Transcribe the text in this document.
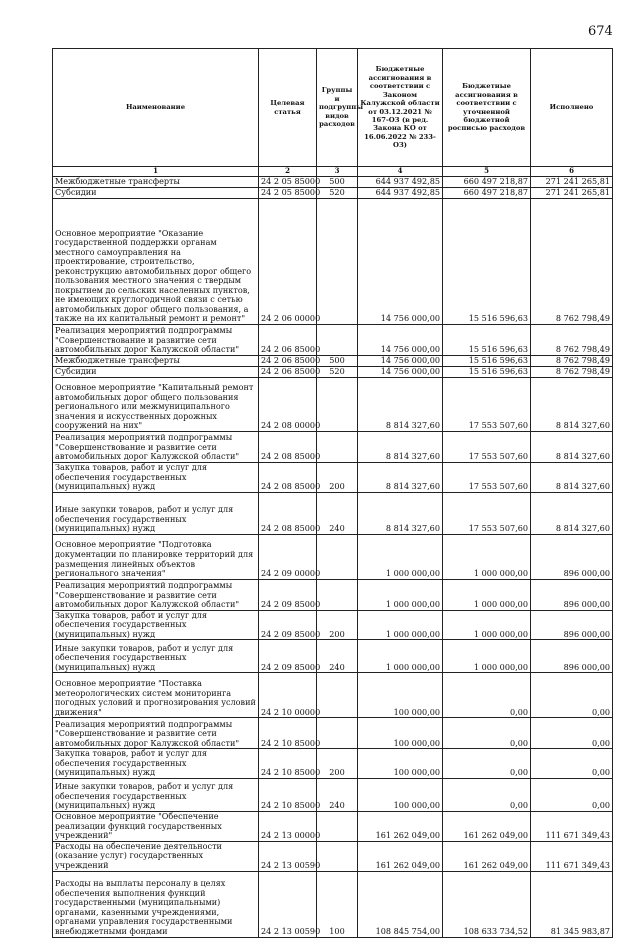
674
Наименование	Целевая статья	Группы и подгруппы видов расходов	Бюджетные ассигнования в соответствии с Законом Калужской области от 03.12.2021 № 167-ОЗ (в ред. Закона КО от 16.06.2022 № 233-ОЗ)	Бюджетные ассигнования в соответствии с уточненной бюджетной росписью расходов	Исполнено
1	2	3	4	5	6
Межбюджетные трансферты	24 2 05 85000	500	644 937 492,85	660 497 218,87	271 241 265,81
Субсидии	24 2 05 85000	520	644 937 492,85	660 497 218,87	271 241 265,81
Основное мероприятие "Оказание государственной поддержки органам местного самоуправления на проектирование, строительство, реконструкцию автомобильных дорог общего пользования местного значения с твердым покрытием до сельских населенных пунктов, не имеющих круглогодичной связи с сетью автомобильных дорог общего пользования, а также на их капитальный ремонт и ремонт"	24 2 06 00000		14 756 000,00	15 516 596,63	8 762 798,49
Реализация мероприятий подпрограммы "Совершенствование и развитие сети автомобильных дорог Калужской области"	24 2 06 85000		14 756 000,00	15 516 596,63	8 762 798,49
Межбюджетные трансферты	24 2 06 85000	500	14 756 000,00	15 516 596,63	8 762 798,49
Субсидии	24 2 06 85000	520	14 756 000,00	15 516 596,63	8 762 798,49
Основное мероприятие "Капитальный ремонт автомобильных дорог общего пользования регионального или межмуниципального значения и искусственных дорожных сооружений на них"	24 2 08 00000		8 814 327,60	17 553 507,60	8 814 327,60
Реализация мероприятий подпрограммы "Совершенствование и развитие сети автомобильных дорог Калужской области"	24 2 08 85000		8 814 327,60	17 553 507,60	8 814 327,60
Закупка товаров, работ и услуг для обеспечения государственных (муниципальных) нужд	24 2 08 85000	200	8 814 327,60	17 553 507,60	8 814 327,60
Иные закупки товаров, работ и услуг для обеспечения государственных (муниципальных) нужд	24 2 08 85000	240	8 814 327,60	17 553 507,60	8 814 327,60
Основное мероприятие "Подготовка документации по планировке территорий для размещения линейных объектов регионального значения"	24 2 09 00000		1 000 000,00	1 000 000,00	896 000,00
Реализация мероприятий подпрограммы "Совершенствование и развитие сети автомобильных дорог Калужской области"	24 2 09 85000		1 000 000,00	1 000 000,00	896 000,00
Закупка товаров, работ и услуг для обеспечения государственных (муниципальных) нужд	24 2 09 85000	200	1 000 000,00	1 000 000,00	896 000,00
Иные закупки товаров, работ и услуг для обеспечения государственных (муниципальных) нужд	24 2 09 85000	240	1 000 000,00	1 000 000,00	896 000,00
Основное мероприятие "Поставка метеорологических систем мониторинга погодных условий и прогнозирования условий движения"	24 2 10 00000		100 000,00	0,00	0,00
Реализация мероприятий подпрограммы "Совершенствование и развитие сети автомобильных дорог Калужской области"	24 2 10 85000		100 000,00	0,00	0,00
Закупка товаров, работ и услуг для обеспечения государственных (муниципальных) нужд	24 2 10 85000	200	100 000,00	0,00	0,00
Иные закупки товаров, работ и услуг для обеспечения государственных (муниципальных) нужд	24 2 10 85000	240	100 000,00	0,00	0,00
Основное мероприятие "Обеспечение реализации функций государственных учреждений"	24 2 13 00000		161 262 049,00	161 262 049,00	111 671 349,43
Расходы на обеспечение деятельности (оказание услуг) государственных учреждений	24 2 13 00590		161 262 049,00	161 262 049,00	111 671 349,43
Расходы на выплаты персоналу в целях обеспечения выполнения функций государственными (муниципальными) органами, казенными учреждениями, органами управления государственными внебюджетными фондами	24 2 13 00590	100	108 845 754,00	108 633 734,52	81 345 983,87
